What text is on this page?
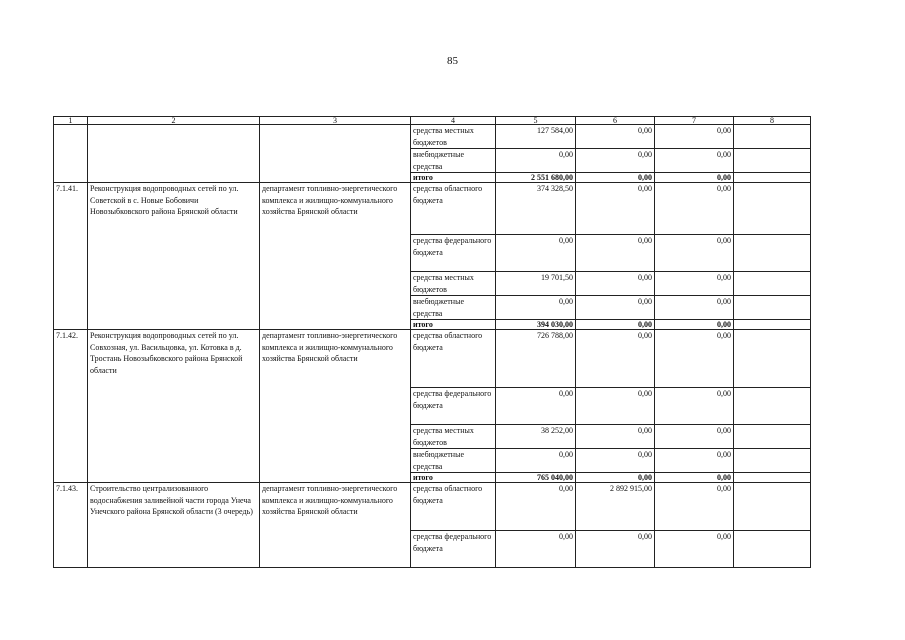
85
1	2	3	4	5	6	7	8
			средства местных бюджетов	127 584,00	0,00	0,00	
			внебюджетные средства	0,00	0,00	0,00	
			итого	2 551 680,00	0,00	0,00	
7.1.41.	Реконструкция водопроводных сетей по ул. Советской в с. Новые Бобовичи Новозыбковского района Брянской области	департамент топливно-энергетического комплекса и жилищно-коммунального хозяйства Брянской области	средства областного бюджета	374 328,50	0,00	0,00	
			средства федерального бюджета	0,00	0,00	0,00	
			средства местных бюджетов	19 701,50	0,00	0,00	
			внебюджетные средства	0,00	0,00	0,00	
			итого	394 030,00	0,00	0,00	
7.1.42.	Реконструкция водопроводных сетей по ул. Совхозная, ул. Васильцовка, ул. Котовка в д. Тростань Новозыбковского района Брянской области	департамент топливно-энергетического комплекса и жилищно-коммунального хозяйства Брянской области	средства областного бюджета	726 788,00	0,00	0,00	
			средства федерального бюджета	0,00	0,00	0,00	
			средства местных бюджетов	38 252,00	0,00	0,00	
			внебюджетные средства	0,00	0,00	0,00	
			итого	765 040,00	0,00	0,00	
7.1.43.	Строительство централизованного водоснабжения заливейной части города Унеча Унечского района Брянской области (3 очередь)	департамент топливно-энергетического комплекса и жилищно-коммунального хозяйства Брянской области	средства областного бюджета	0,00	2 892 915,00	0,00	
			средства федерального бюджета	0,00	0,00	0,00	
